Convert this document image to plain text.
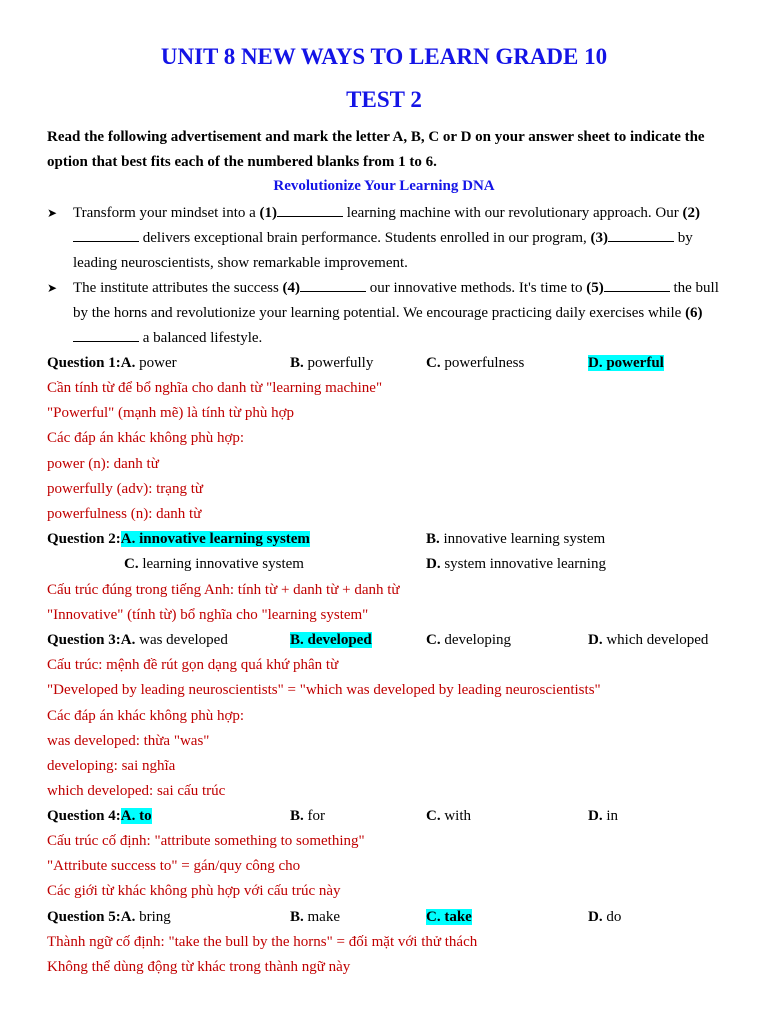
UNIT 8 NEW WAYS TO LEARN GRADE 10
TEST 2

Read the following advertisement and mark the letter A, B, C or D on your answer sheet to indicate the option that best fits each of the numbered blanks from 1 to 6.

Revolutionize Your Learning DNA

➤ Transform your mindset into a (1)	learning machine with our revolutionary approach. Our (2) delivers exceptional brain performance. Students enrolled in our program, (3)	by leading neuroscientists, show remarkable improvement.
➤ The institute attributes the success (4)	our innovative methods. It's time to (5)	the bull by the horns and revolutionize your learning potential. We encourage practicing daily exercises while (6) a balanced lifestyle.
Question 1:A. power	B. powerfully	C. powerfulness	D. powerful
Cần tính từ để bổ nghĩa cho danh từ "learning machine"
"Powerful" (mạnh mẽ) là tính từ phù hợp
Các đáp án khác không phù hợp:
power (n): danh từ
powerfully (adv): trạng từ
powerfulness (n): danh từ
Question 2:A. innovative learning system	B. innovative learning system
C. learning innovative system	D. system innovative learning
Cấu trúc đúng trong tiếng Anh: tính từ + danh từ + danh từ
"Innovative" (tính từ) bổ nghĩa cho "learning system"
Question 3:A. was developed	B. developed	C. developing	D. which developed
Cấu trúc: mệnh đề rút gọn dạng quá khứ phân từ
"Developed by leading neuroscientists" = "which was developed by leading neuroscientists"
Các đáp án khác không phù hợp:
was developed: thừa "was"
developing: sai nghĩa
which developed: sai cấu trúc
Question 4:A. to	B. for	C. with	D. in
Cấu trúc cố định: "attribute something to something"
"Attribute success to" = gán/quy công cho
Các giới từ khác không phù hợp với cấu trúc này
Question 5:A. bring	B. make	C. take	D. do
Thành ngữ cố định: "take the bull by the horns" = đối mặt với thử thách
Không thể dùng động từ khác trong thành ngữ này
